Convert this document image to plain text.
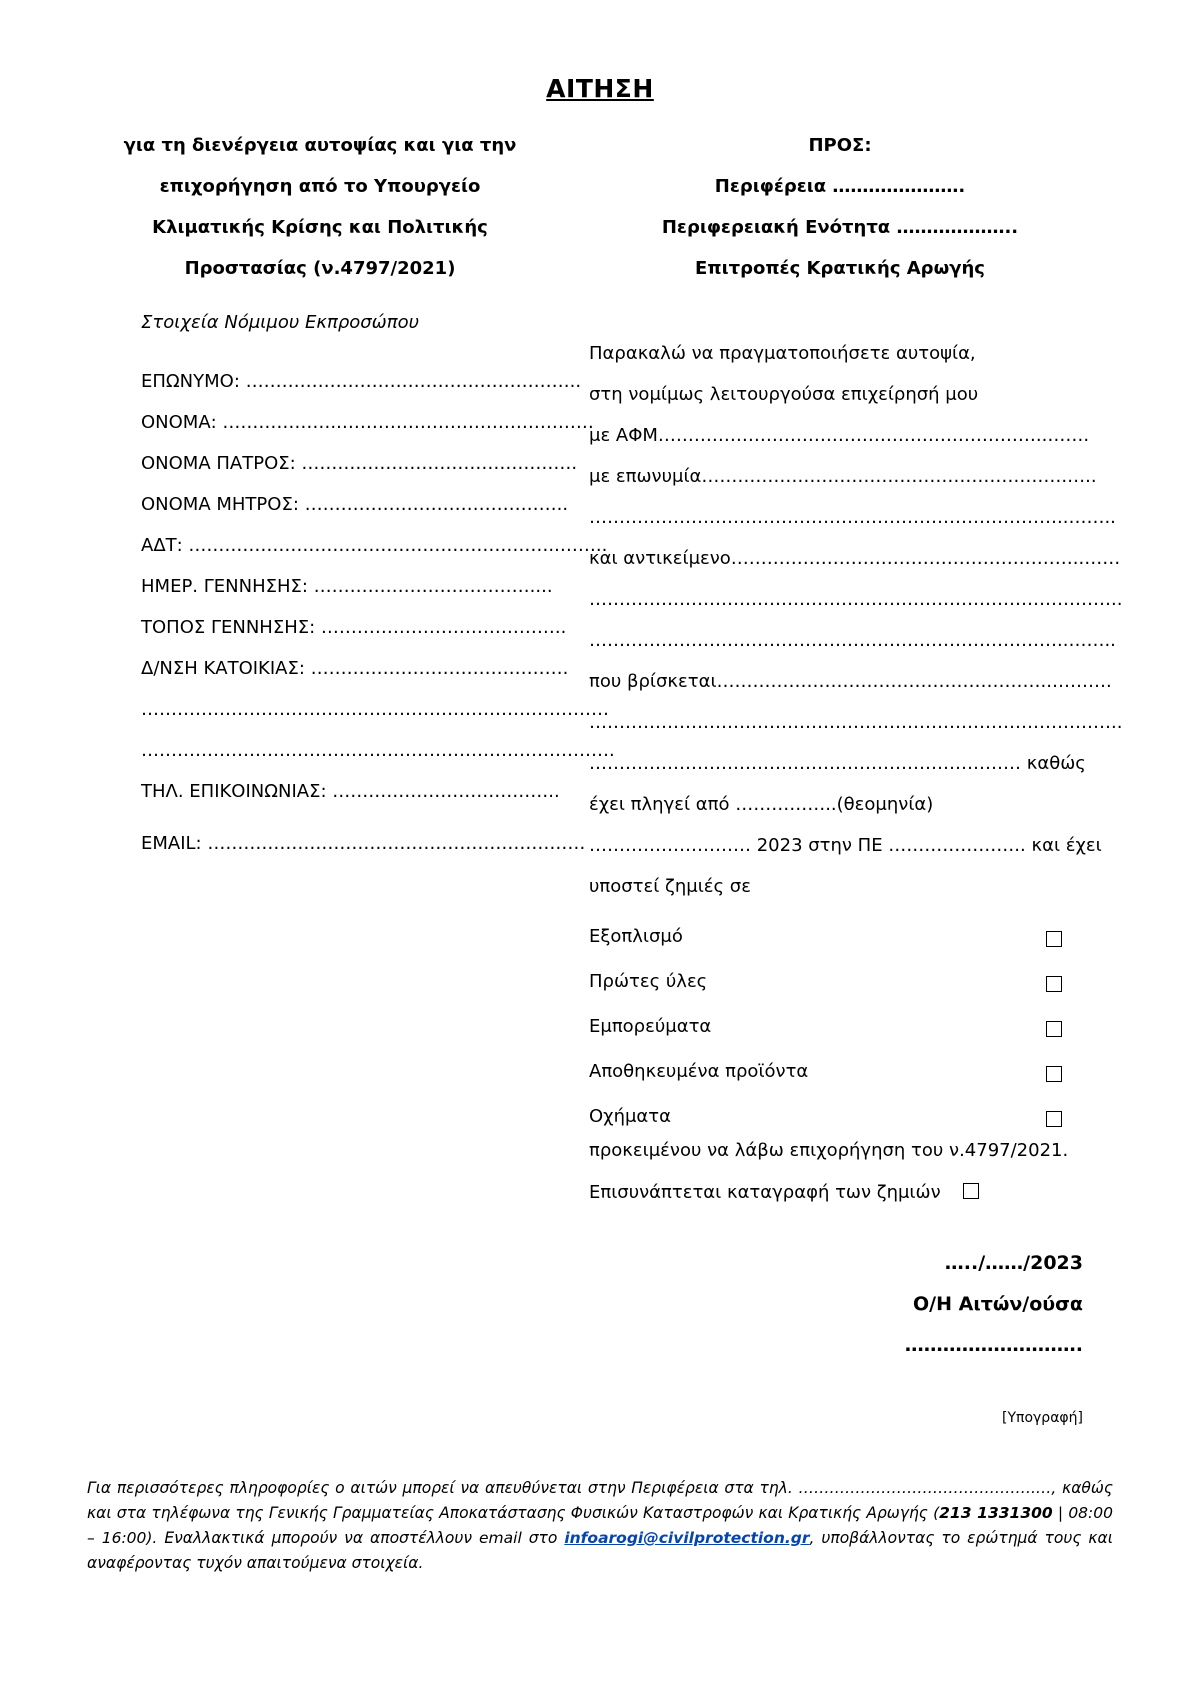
ΑΙΤΗΣΗ
για τη διενέργεια αυτοψίας και για την
επιχορήγηση από το Υπουργείο
Κλιματικής Κρίσης και Πολιτικής
Προστασίας (ν.4797/2021)
ΠΡΟΣ:
Περιφέρεια ………………….
Περιφερειακή Ενότητα ………………..
Επιτροπές Κρατικής Αρωγής
Στοιχεία Νόμιμου Εκπροσώπου
ΕΠΩΝΥΜΟ: ………………………………………………..
ΟΝΟΜΑ: ………………..……………………………………
ΟΝΟΜΑ ΠΑΤΡΟΣ: ……………………………………….
ΟΝΟΜΑ ΜΗΤΡΟΣ: ……………………………………..
ΑΔΤ: ……………………………………………………..……..
ΗΜΕΡ. ΓΕΝΝΗΣΗΣ: ………………………………....
ΤΟΠΟΣ ΓΕΝΝΗΣΗΣ: …………………………………..
Δ/ΝΣΗ ΚΑΤΟΙΚΙΑΣ: …………………………………….
……………………………………………………………………
…………………………………………………………………….
ΤΗΛ. ΕΠΙΚΟΙΝΩΝΙΑΣ: ………………………………..
EMAIL: ………………………………………………………
Παρακαλώ να πραγματοποιήσετε αυτοψία,
στη νομίμως λειτουργούσα επιχείρησή μου
με ΑΦΜ………………………………………………………..…….
με επωνυμία…………………………………………………….…..
……………………………………………………………………..……..
και αντικείμενο…………………………………………………..……
……………………………………………………………………………..
……………………………………………………………………..……..
που βρίσκεται………………………………………………..……….
……………………………………………………………………………..
……………………………………………………………… καθώς
έχει πληγεί από ……………..(θεομηνία)
……………………… 2023 στην ΠΕ ………………….. και έχει
υποστεί ζημιές σε
Εξοπλισμό
Πρώτες ύλες
Εμπορεύματα
Αποθηκευμένα προϊόντα
Οχήματα
προκειμένου να λάβω επιχορήγηση του ν.4797/2021.
Επισυνάπτεται καταγραφή των ζημιών
…../……/2023
Ο/Η Αιτών/ούσα
……………………….
[Υπογραφή]
Για περισσότερες πληροφορίες ο αιτών μπορεί να απευθύνεται στην Περιφέρεια στα τηλ. ……………………………………….…, καθώς και στα τηλέφωνα της Γενικής Γραμματείας Αποκατάστασης Φυσικών Καταστροφών και Κρατικής Αρωγής (213 1331300 | 08:00 – 16:00). Εναλλακτικά μπορούν να αποστέλλουν email στο infoarogi@civilprotection.gr, υποβάλλοντας το ερώτημά τους και αναφέροντας τυχόν απαιτούμενα στοιχεία.
